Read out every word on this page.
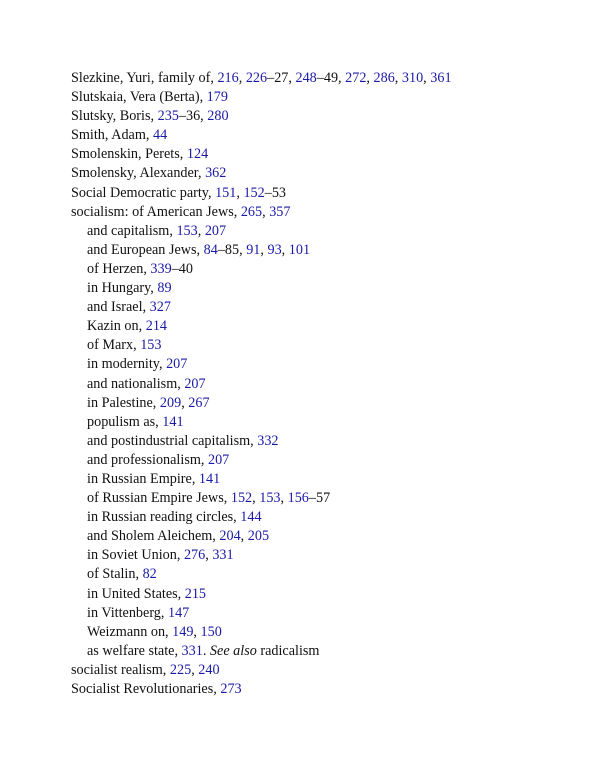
Slezkine, Yuri, family of, 216, 226–27, 248–49, 272, 286, 310, 361
Slutskaia, Vera (Berta), 179
Slutsky, Boris, 235–36, 280
Smith, Adam, 44
Smolenskin, Perets, 124
Smolensky, Alexander, 362
Social Democratic party, 151, 152–53
socialism: of American Jews, 265, 357
and capitalism, 153, 207
and European Jews, 84–85, 91, 93, 101
of Herzen, 339–40
in Hungary, 89
and Israel, 327
Kazin on, 214
of Marx, 153
in modernity, 207
and nationalism, 207
in Palestine, 209, 267
populism as, 141
and postindustrial capitalism, 332
and professionalism, 207
in Russian Empire, 141
of Russian Empire Jews, 152, 153, 156–57
in Russian reading circles, 144
and Sholem Aleichem, 204, 205
in Soviet Union, 276, 331
of Stalin, 82
in United States, 215
in Vittenberg, 147
Weizmann on, 149, 150
as welfare state, 331. See also radicalism
socialist realism, 225, 240
Socialist Revolutionaries, 273
